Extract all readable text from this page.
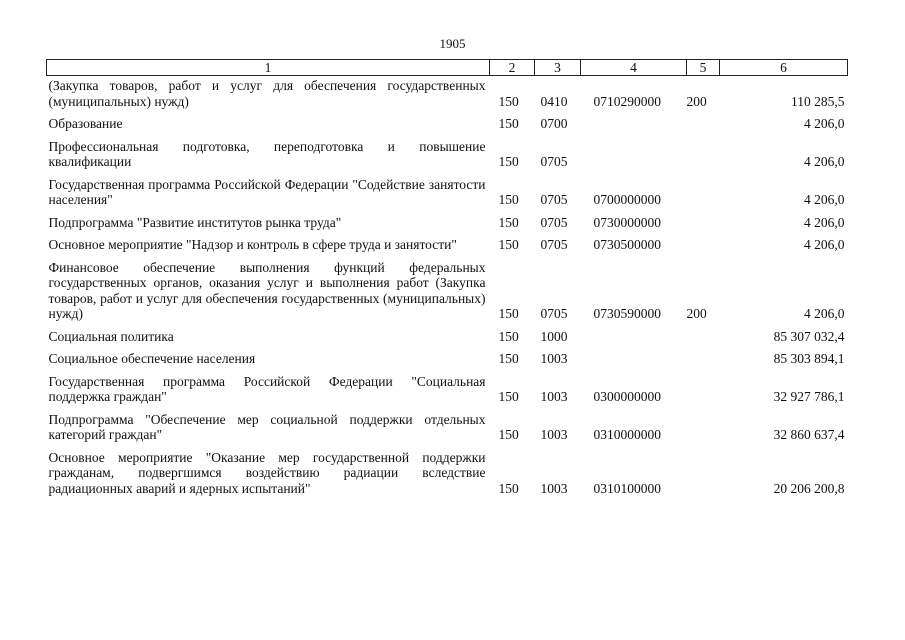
1905
1	2	3	4	5	6
(Закупка товаров, работ и услуг для обеспечения государственных (муниципальных) нужд)	150	0410	0710290000	200	110 285,5
Образование	150	0700			4 206,0
Профессиональная подготовка, переподготовка и повышение квалификации	150	0705			4 206,0
Государственная программа Российской Федерации "Содействие занятости населения"	150	0705	0700000000		4 206,0
Подпрограмма "Развитие институтов рынка труда"	150	0705	0730000000		4 206,0
Основное мероприятие "Надзор и контроль в сфере труда и занятости"	150	0705	0730500000		4 206,0
Финансовое обеспечение выполнения функций федеральных государственных органов, оказания услуг и выполнения работ (Закупка товаров, работ и услуг для обеспечения государственных (муниципальных) нужд)	150	0705	0730590000	200	4 206,0
Социальная политика	150	1000			85 307 032,4
Социальное обеспечение населения	150	1003			85 303 894,1
Государственная программа Российской Федерации "Социальная поддержка граждан"	150	1003	0300000000		32 927 786,1
Подпрограмма "Обеспечение мер социальной поддержки отдельных категорий граждан"	150	1003	0310000000		32 860 637,4
Основное мероприятие "Оказание мер государственной поддержки гражданам, подвергшимся воздействию радиации вследствие радиационных аварий и ядерных испытаний"	150	1003	0310100000		20 206 200,8
